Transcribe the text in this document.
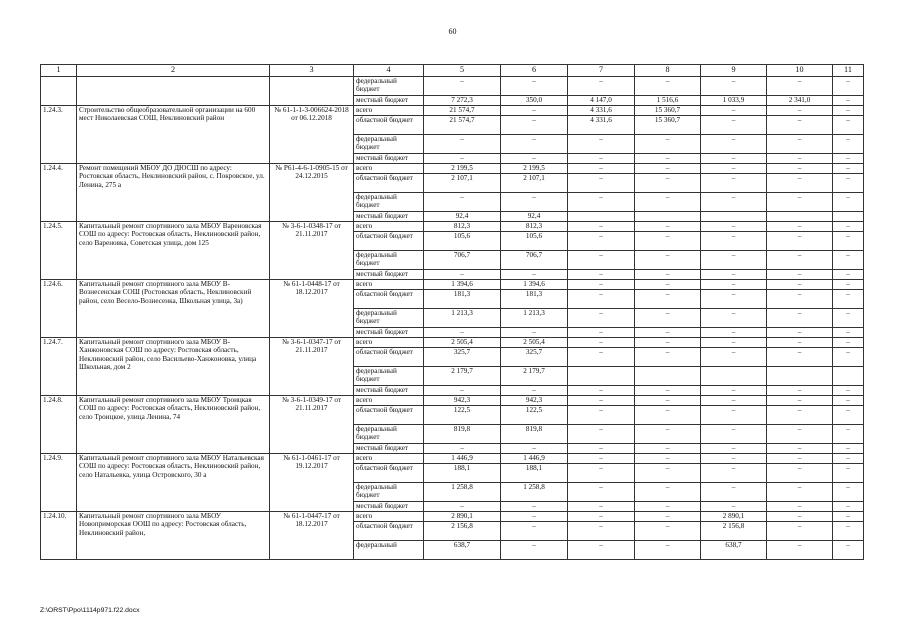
60
1	2	3	4	5	6	7	8	9	10	11
			федеральный бюджет	–	–	–	–	–	–	–
			местный бюджет	7 272,3	350,0	4 147,0	1 516,6	1 033,9	2 341,0	–
1.24.3.	Строительство общеобразовательной организации на 600 мест Николаевская СОШ, Неклиновский район	№ 61-1-1-3-006624-2018 от 06.12.2018	всего	21 574,7	–	4 331,6	15 360,7	–	–	–
			областной бюджет	21 574,7	–	4 331,6	15 360,7	–	–	–
			федеральный бюджет	–	–	–	–	–	–	–
			местный бюджет	–	–	–	–	–	–	–
1.24.4.	Ремонт помещений МБОУ ДО ДЮСШ по адресу: Ростовская область, Неклиновский район, с. Покровское, ул. Ленина, 275 а	№ Р61-4-6-1-0905-15 от 24.12.2015	всего	2 199,5	2 199,5	–	–	–	–	–
			областной бюджет	2 107,1	2 107,1	–	–	–	–	–
			федеральный бюджет	–	–	–	–	–	–	–
			местный бюджет	92,4	92,4					
1.24.5.	Капитальный ремонт спортивного зала МБОУ Вареновская СОШ по адресу: Ростовская область, Неклиновский район, село Вареновка, Советская улица, дом 125	№ 3-6-1-0348-17 от 21.11.2017	всего	812,3	812,3	–	–	–	–	–
			областной бюджет	105,6	105,6	–	–	–	–	–
			федеральный бюджет	706,7	706,7	–	–	–	–	–
			местный бюджет	–	–	–	–	–	–	–
1.24.6.	Капитальный ремонт спортивного зала МБОУ В-Вознесенская СОШ (Ростовская область, Неклиновский район, село Весело-Вознесенка, Школьная улица, 3а)	№ 61-1-0448-17 от 18.12.2017	всего	1 394,6	1 394,6	–	–	–	–	–
			областной бюджет	181,3	181,3	–	–	–	–	–
			федеральный бюджет	1 213,3	1 213,3	–	–	–	–	–
			местный бюджет	–	–	–	–	–	–	–
1.24.7.	Капитальный ремонт спортивного зала МБОУ В-Ханжоновская СОШ по адресу: Ростовская область, Неклиновский район, село Васильево-Ханжоновка, улица Школьная, дом 2	№ 3-6-1-0347-17 от 21.11.2017	всего	2 505,4	2 505,4	–	–	–	–	–
			областной бюджет	325,7	325,7	–	–	–	–	–
			федеральный бюджет	2 179,7	2 179,7					
			местный бюджет	–	–	–	–	–	–	–
1.24.8.	Капитальный ремонт спортивного зала МБОУ Троицкая СОШ по адресу: Ростовская область, Неклиновский район, село Троицкое, улица Ленина, 74	№ 3-6-1-0349-17 от 21.11.2017	всего	942,3	942,3	–	–	–	–	–
			областной бюджет	122,5	122,5	–	–	–	–	–
			федеральный бюджет	819,8	819,8	–	–	–	–	–
			местный бюджет	–	–	–	–	–	–	–
1.24.9.	Капитальный ремонт спортивного зала МБОУ Натальевская СОШ по адресу: Ростовская область, Неклиновский район, село Натальевка, улица Островского, 30 а	№ 61-1-0461-17 от 19.12.2017	всего	1 446,9	1 446,9	–	–	–	–	–
			областной бюджет	188,1	188,1	–	–	–	–	–
			федеральный бюджет	1 258,8	1 258,8	–	–	–	–	–
			местный бюджет	–	–	–	–	–	–	–
1.24.10.	Капитальный ремонт спортивного зала МБОУ Новоприморская ООШ по адресу: Ростовская область, Неклиновский район,	№ 61-1-0447-17 от 18.12.2017	всего	2 890,1	–	–	–	2 890,1	–	–
			областной бюджет	2 156,8	–	–	–	2 156,8	–	–
			федеральный	638,7	–	–	–	638,7	–	–
Z:\ORST\Ppo\1114p971.f22.docx
